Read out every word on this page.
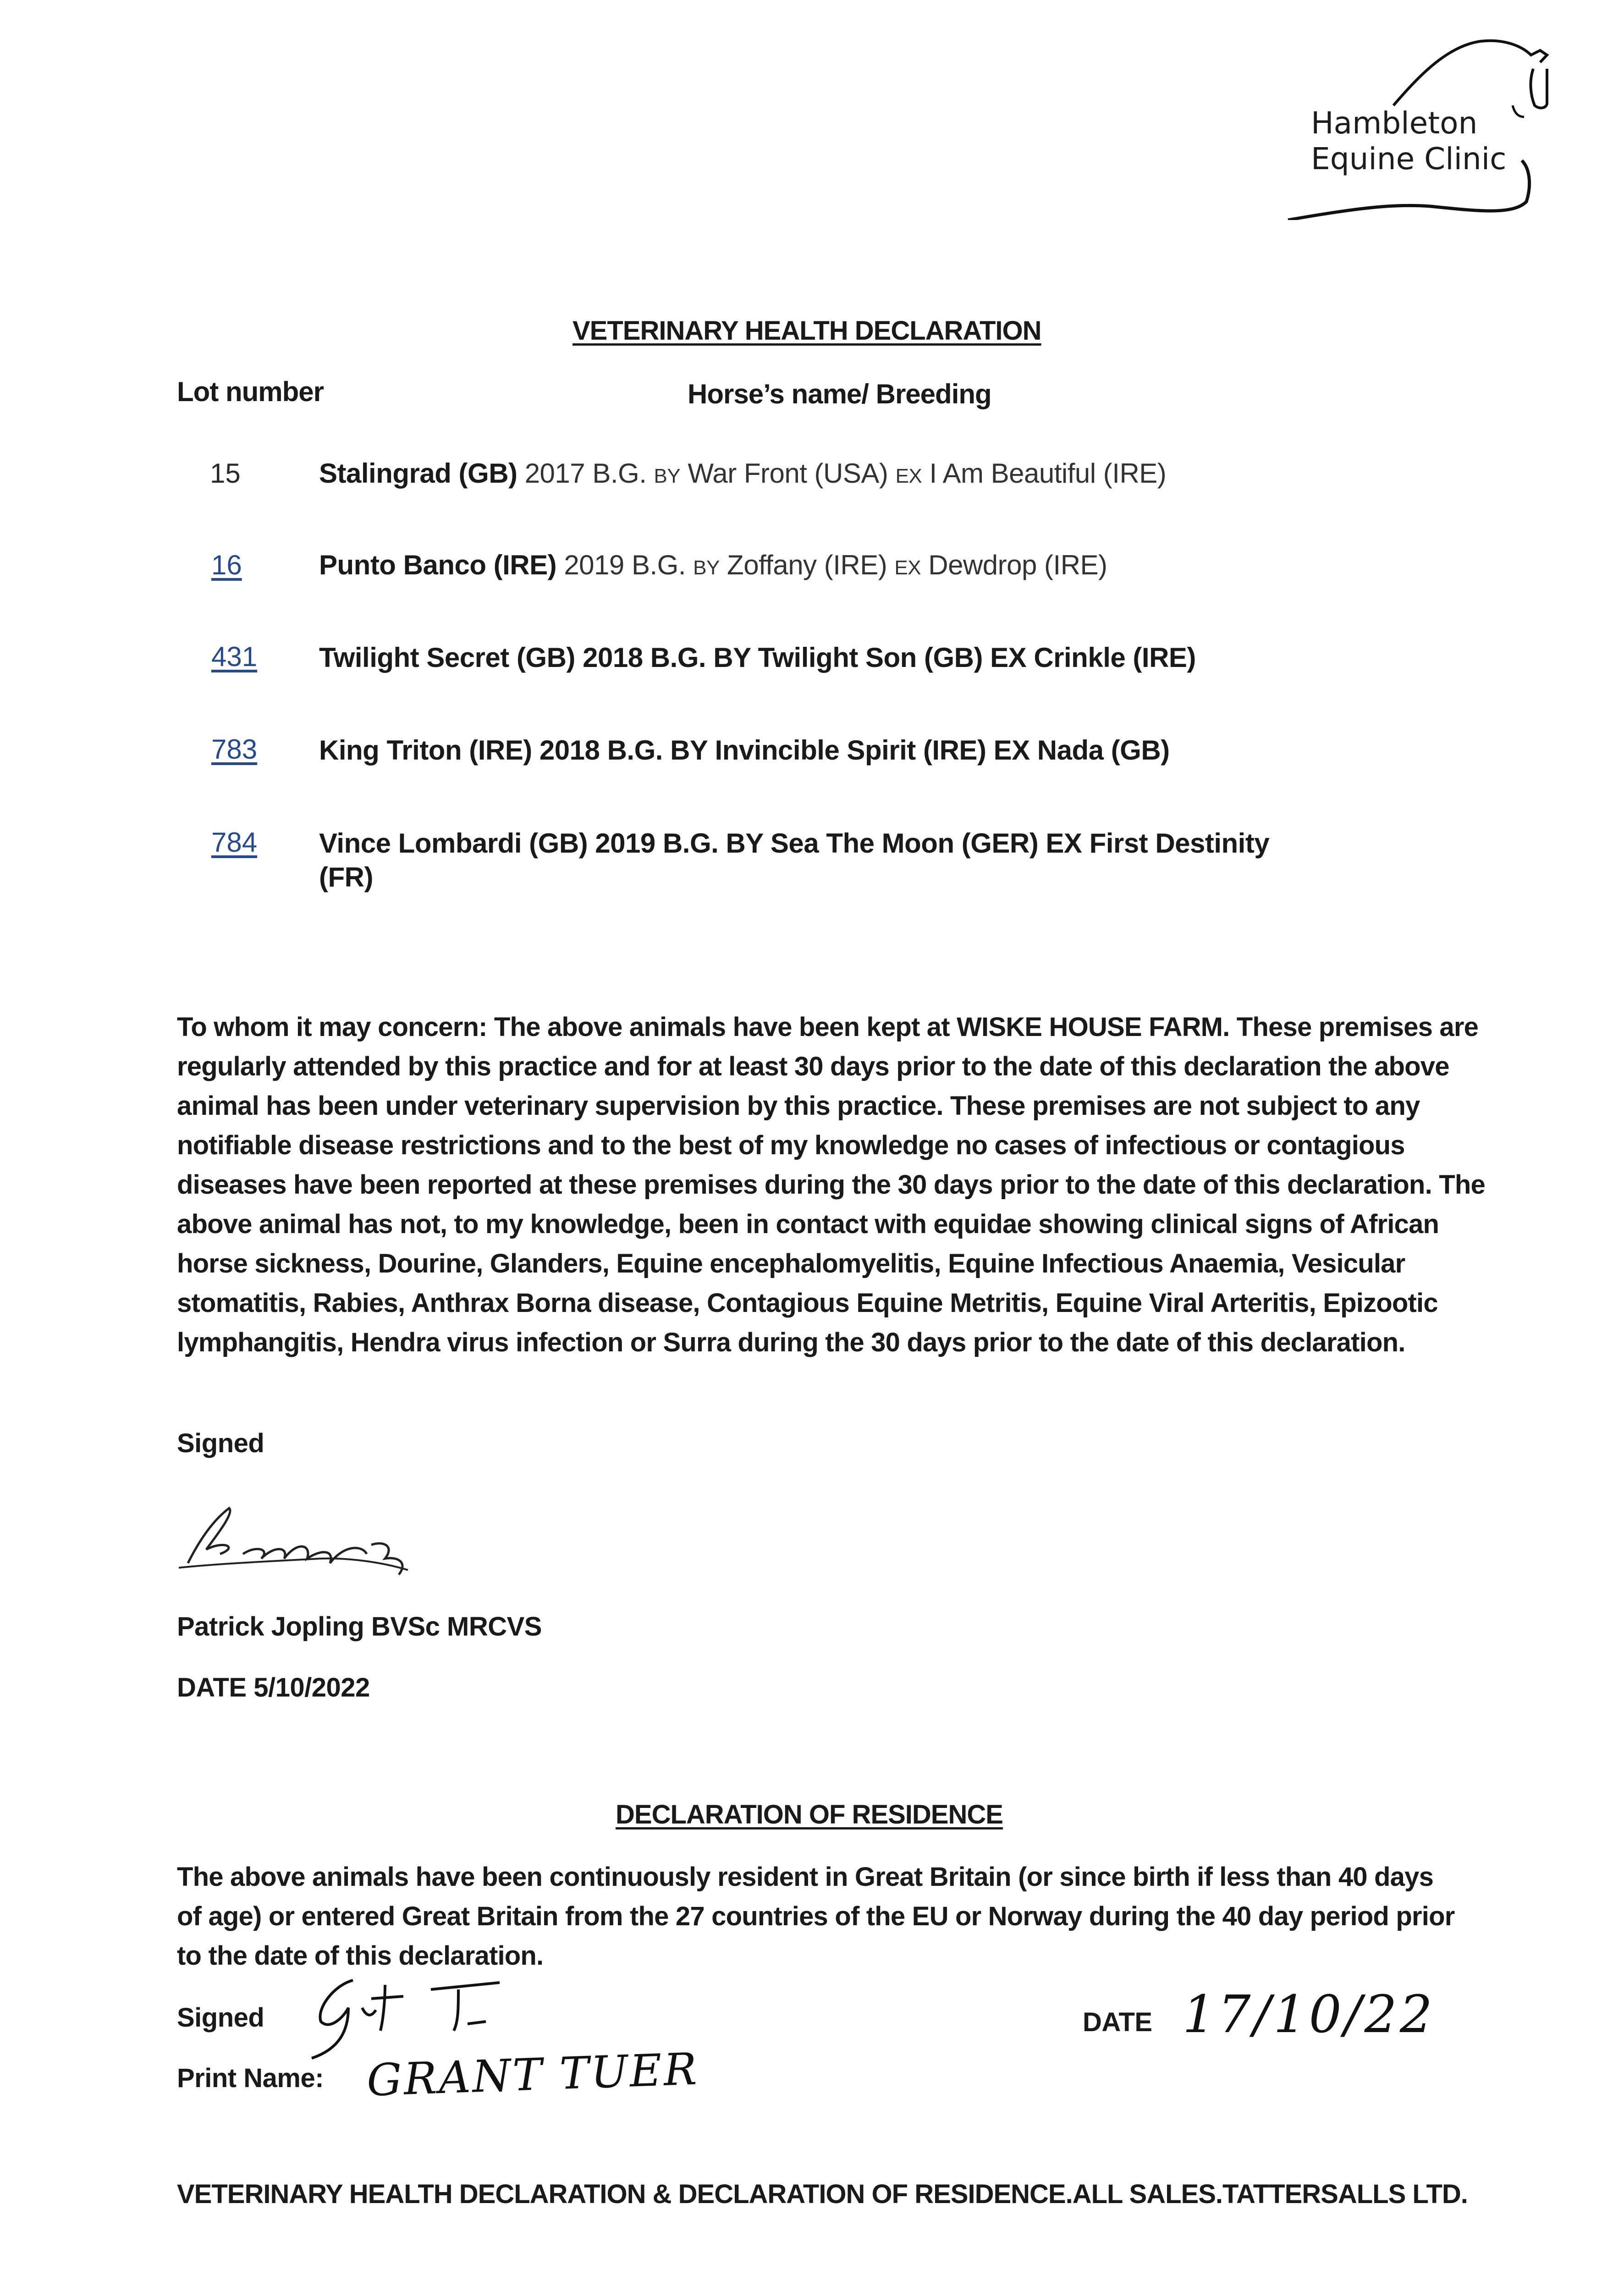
Hambleton
Equine Clinic
VETERINARY HEALTH DECLARATION
Lot number	Horse’s name/ Breeding
15	Stalingrad (GB) 2017 B.G. BY War Front (USA) EX I Am Beautiful (IRE)
16	Punto Banco (IRE) 2019 B.G. BY Zoffany (IRE) EX Dewdrop (IRE)
431 Twilight Secret (GB) 2018 B.G. BY Twilight Son (GB) EX Crinkle (IRE)
783 King Triton (IRE) 2018 B.G. BY Invincible Spirit (IRE) EX Nada (GB)
784 Vince Lombardi (GB) 2019 B.G. BY Sea The Moon (GER) EX First Destinity (FR)
To whom it may concern: The above animals have been kept at WISKE HOUSE FARM. These premises are regularly attended by this practice and for at least 30 days prior to the date of this declaration the above animal has been under veterinary supervision by this practice. These premises are not subject to any notifiable disease restrictions and to the best of my knowledge no cases of infectious or contagious diseases have been reported at these premises during the 30 days prior to the date of this declaration. The above animal has not, to my knowledge, been in contact with equidae showing clinical signs of African horse sickness, Dourine, Glanders, Equine encephalomyelitis, Equine Infectious Anaemia, Vesicular stomatitis, Rabies, Anthrax Borna disease, Contagious Equine Metritis, Equine Viral Arteritis, Epizootic lymphangitis, Hendra virus infection or Surra during the 30 days prior to the date of this declaration.
Signed
Patrick Jopling BVSc MRCVS
DATE 5/10/2022
DECLARATION OF RESIDENCE
The above animals have been continuously resident in Great Britain (or since birth if less than 40 days of age) or entered Great Britain from the 27 countries of the EU or Norway during the 40 day period prior to the date of this declaration.
Signed
Print Name: GRANT TUER
DATE 17/10/22
VETERINARY HEALTH DECLARATION & DECLARATION OF RESIDENCE.ALL SALES.TATTERSALLS LTD.
